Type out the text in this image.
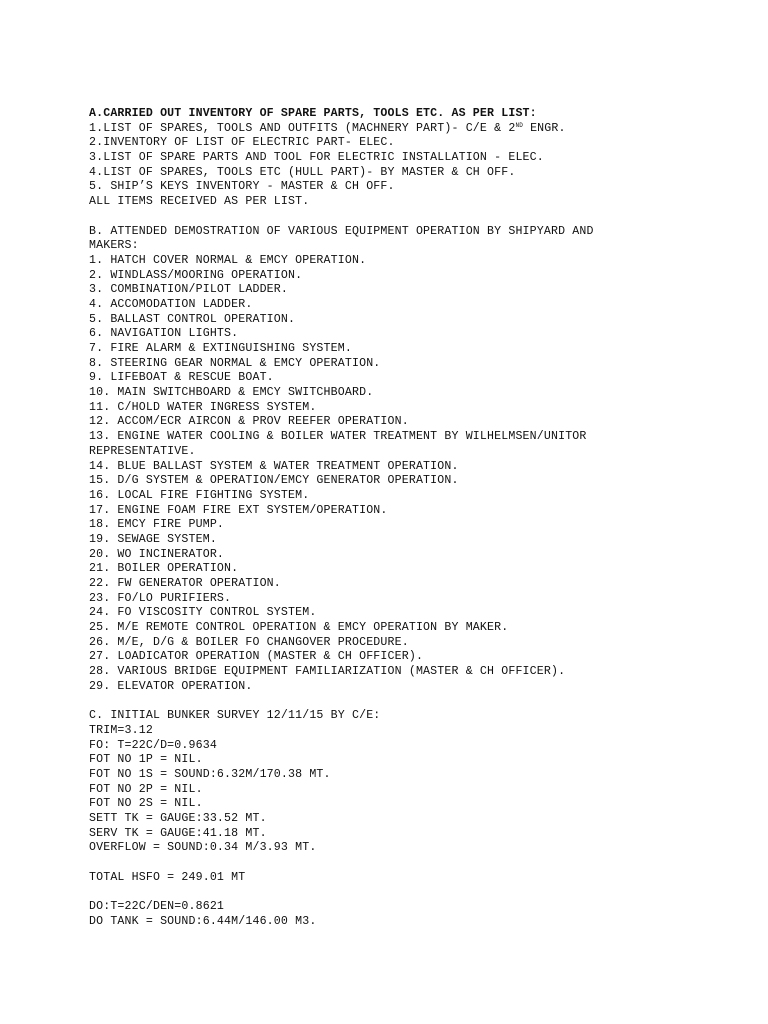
A.CARRIED OUT INVENTORY OF SPARE PARTS, TOOLS ETC. AS PER LIST:
1.LIST OF SPARES, TOOLS AND OUTFITS (MACHNERY PART)- C/E & 2ND ENGR.
2.INVENTORY OF LIST OF ELECTRIC PART- ELEC.
3.LIST OF SPARE PARTS AND TOOL FOR ELECTRIC INSTALLATION - ELEC.
4.LIST OF SPARES, TOOLS ETC (HULL PART)- BY MASTER & CH OFF.
5. SHIP’S KEYS INVENTORY - MASTER & CH OFF.
ALL ITEMS RECEIVED AS PER LIST.
B. ATTENDED DEMOSTRATION OF VARIOUS EQUIPMENT OPERATION BY SHIPYARD AND
MAKERS:
1. HATCH COVER NORMAL & EMCY OPERATION.
2. WINDLASS/MOORING OPERATION.
3. COMBINATION/PILOT LADDER.
4. ACCOMODATION LADDER.
5. BALLAST CONTROL OPERATION.
6. NAVIGATION LIGHTS.
7. FIRE ALARM & EXTINGUISHING SYSTEM.
8. STEERING GEAR NORMAL & EMCY OPERATION.
9. LIFEBOAT & RESCUE BOAT.
10. MAIN SWITCHBOARD & EMCY SWITCHBOARD.
11. C/HOLD WATER INGRESS SYSTEM.
12. ACCOM/ECR AIRCON & PROV REEFER OPERATION.
13. ENGINE WATER COOLING & BOILER WATER TREATMENT BY WILHELMSEN/UNITOR
REPRESENTATIVE.
14. BLUE BALLAST SYSTEM & WATER TREATMENT OPERATION.
15. D/G SYSTEM & OPERATION/EMCY GENERATOR OPERATION.
16. LOCAL FIRE FIGHTING SYSTEM.
17. ENGINE FOAM FIRE EXT SYSTEM/OPERATION.
18. EMCY FIRE PUMP.
19. SEWAGE SYSTEM.
20. WO INCINERATOR.
21. BOILER OPERATION.
22. FW GENERATOR OPERATION.
23. FO/LO PURIFIERS.
24. FO VISCOSITY CONTROL SYSTEM.
25. M/E REMOTE CONTROL OPERATION & EMCY OPERATION BY MAKER.
26. M/E, D/G & BOILER FO CHANGOVER PROCEDURE.
27. LOADICATOR OPERATION (MASTER & CH OFFICER).
28. VARIOUS BRIDGE EQUIPMENT FAMILIARIZATION (MASTER & CH OFFICER).
29. ELEVATOR OPERATION.
C. INITIAL BUNKER SURVEY 12/11/15 BY C/E:
TRIM=3.12
FO: T=22C/D=0.9634
FOT NO 1P = NIL.
FOT NO 1S = SOUND:6.32M/170.38 MT.
FOT NO 2P = NIL.
FOT NO 2S = NIL.
SETT TK = GAUGE:33.52 MT.
SERV TK = GAUGE:41.18 MT.
OVERFLOW = SOUND:0.34 M/3.93 MT.
TOTAL HSFO = 249.01 MT
DO:T=22C/DEN=0.8621
DO TANK = SOUND:6.44M/146.00 M3.
